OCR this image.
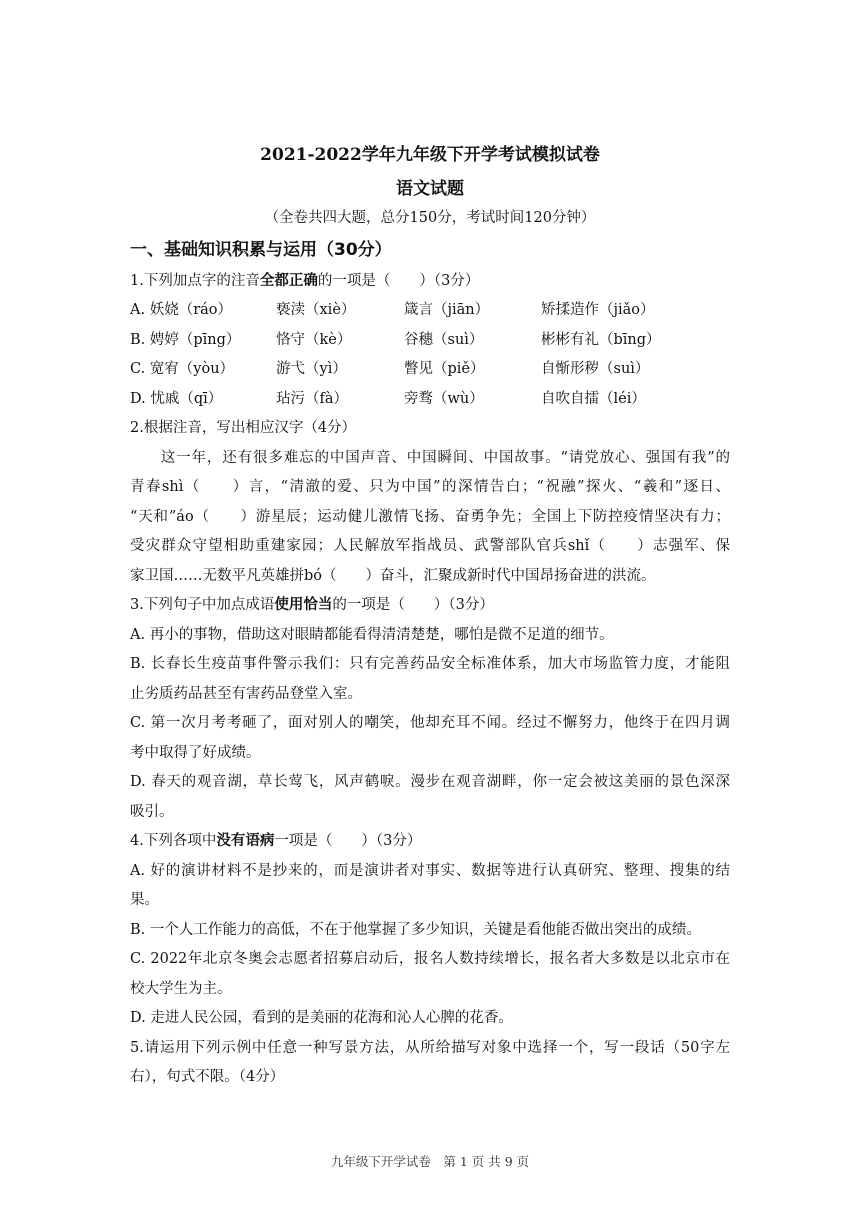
2021-2022学年九年级下开学考试模拟试卷
语文试题
（全卷共四大题，总分150分，考试时间120分钟）
一、基础知识积累与运用（30分）
1.下列加点字的注音全都正确的一项是（　　）（3分）
A. 妖娆（ráo）	亵渎（xiè）	箴言（jiān）	矫揉造作（jiǎo）
B. 娉婷（pīng） 恪守（kè）	谷穗（suì）	彬彬有礼（bīng）
C. 宽宥（yòu）	游弋（yì）	瞥见（piě）	自惭形秽（suì）
D. 忧戚（qī）	玷污（fà）	旁骛（wù）	自吹自擂（léi）
2.根据注音，写出相应汉字（4分）
　　这一年，还有很多难忘的中国声音、中国瞬间、中国故事。“请党放心、强国有我”的
青春shì（　　）言，“清澈的爱、只为中国”的深情告白；“祝融”探火、“羲和”逐日、
“天和”áo（　　）游星辰；运动健儿激情飞扬、奋勇争先；全国上下防控疫情坚决有力；
受灾群众守望相助重建家园；人民解放军指战员、武警部队官兵shǐ（　　）志强军、保
家卫国……无数平凡英雄拼bó（　　）奋斗，汇聚成新时代中国昂扬奋进的洪流。
3.下列句子中加点成语使用恰当的一项是（　　）（3分）
A. 再小的事物，借助这对眼睛都能看得清清楚楚，哪怕是微不足道的细节。
B. 长春长生疫苗事件警示我们：只有完善药品安全标准体系，加大市场监管力度，才能阻
止劣质药品甚至有害药品登堂入室。
C. 第一次月考考砸了，面对别人的嘲笑，他却充耳不闻。经过不懈努力，他终于在四月调
考中取得了好成绩。
D. 春天的观音湖，草长莺飞，风声鹤唳。漫步在观音湖畔，你一定会被这美丽的景色深深
吸引。
4.下列各项中没有语病一项是（　　）（3分）
A. 好的演讲材料不是抄来的，而是演讲者对事实、数据等进行认真研究、整理、搜集的结
果。
B. 一个人工作能力的高低，不在于他掌握了多少知识，关键是看他能否做出突出的成绩。
C. 2022年北京冬奥会志愿者招募启动后，报名人数持续增长，报名者大多数是以北京市在
校大学生为主。
D. 走进人民公园，看到的是美丽的花海和沁人心脾的花香。
5.请运用下列示例中任意一种写景方法，从所给描写对象中选择一个，写一段话（50字左
右），句式不限。（4分）
九年级下开学试卷　第 1 页 共 9 页
